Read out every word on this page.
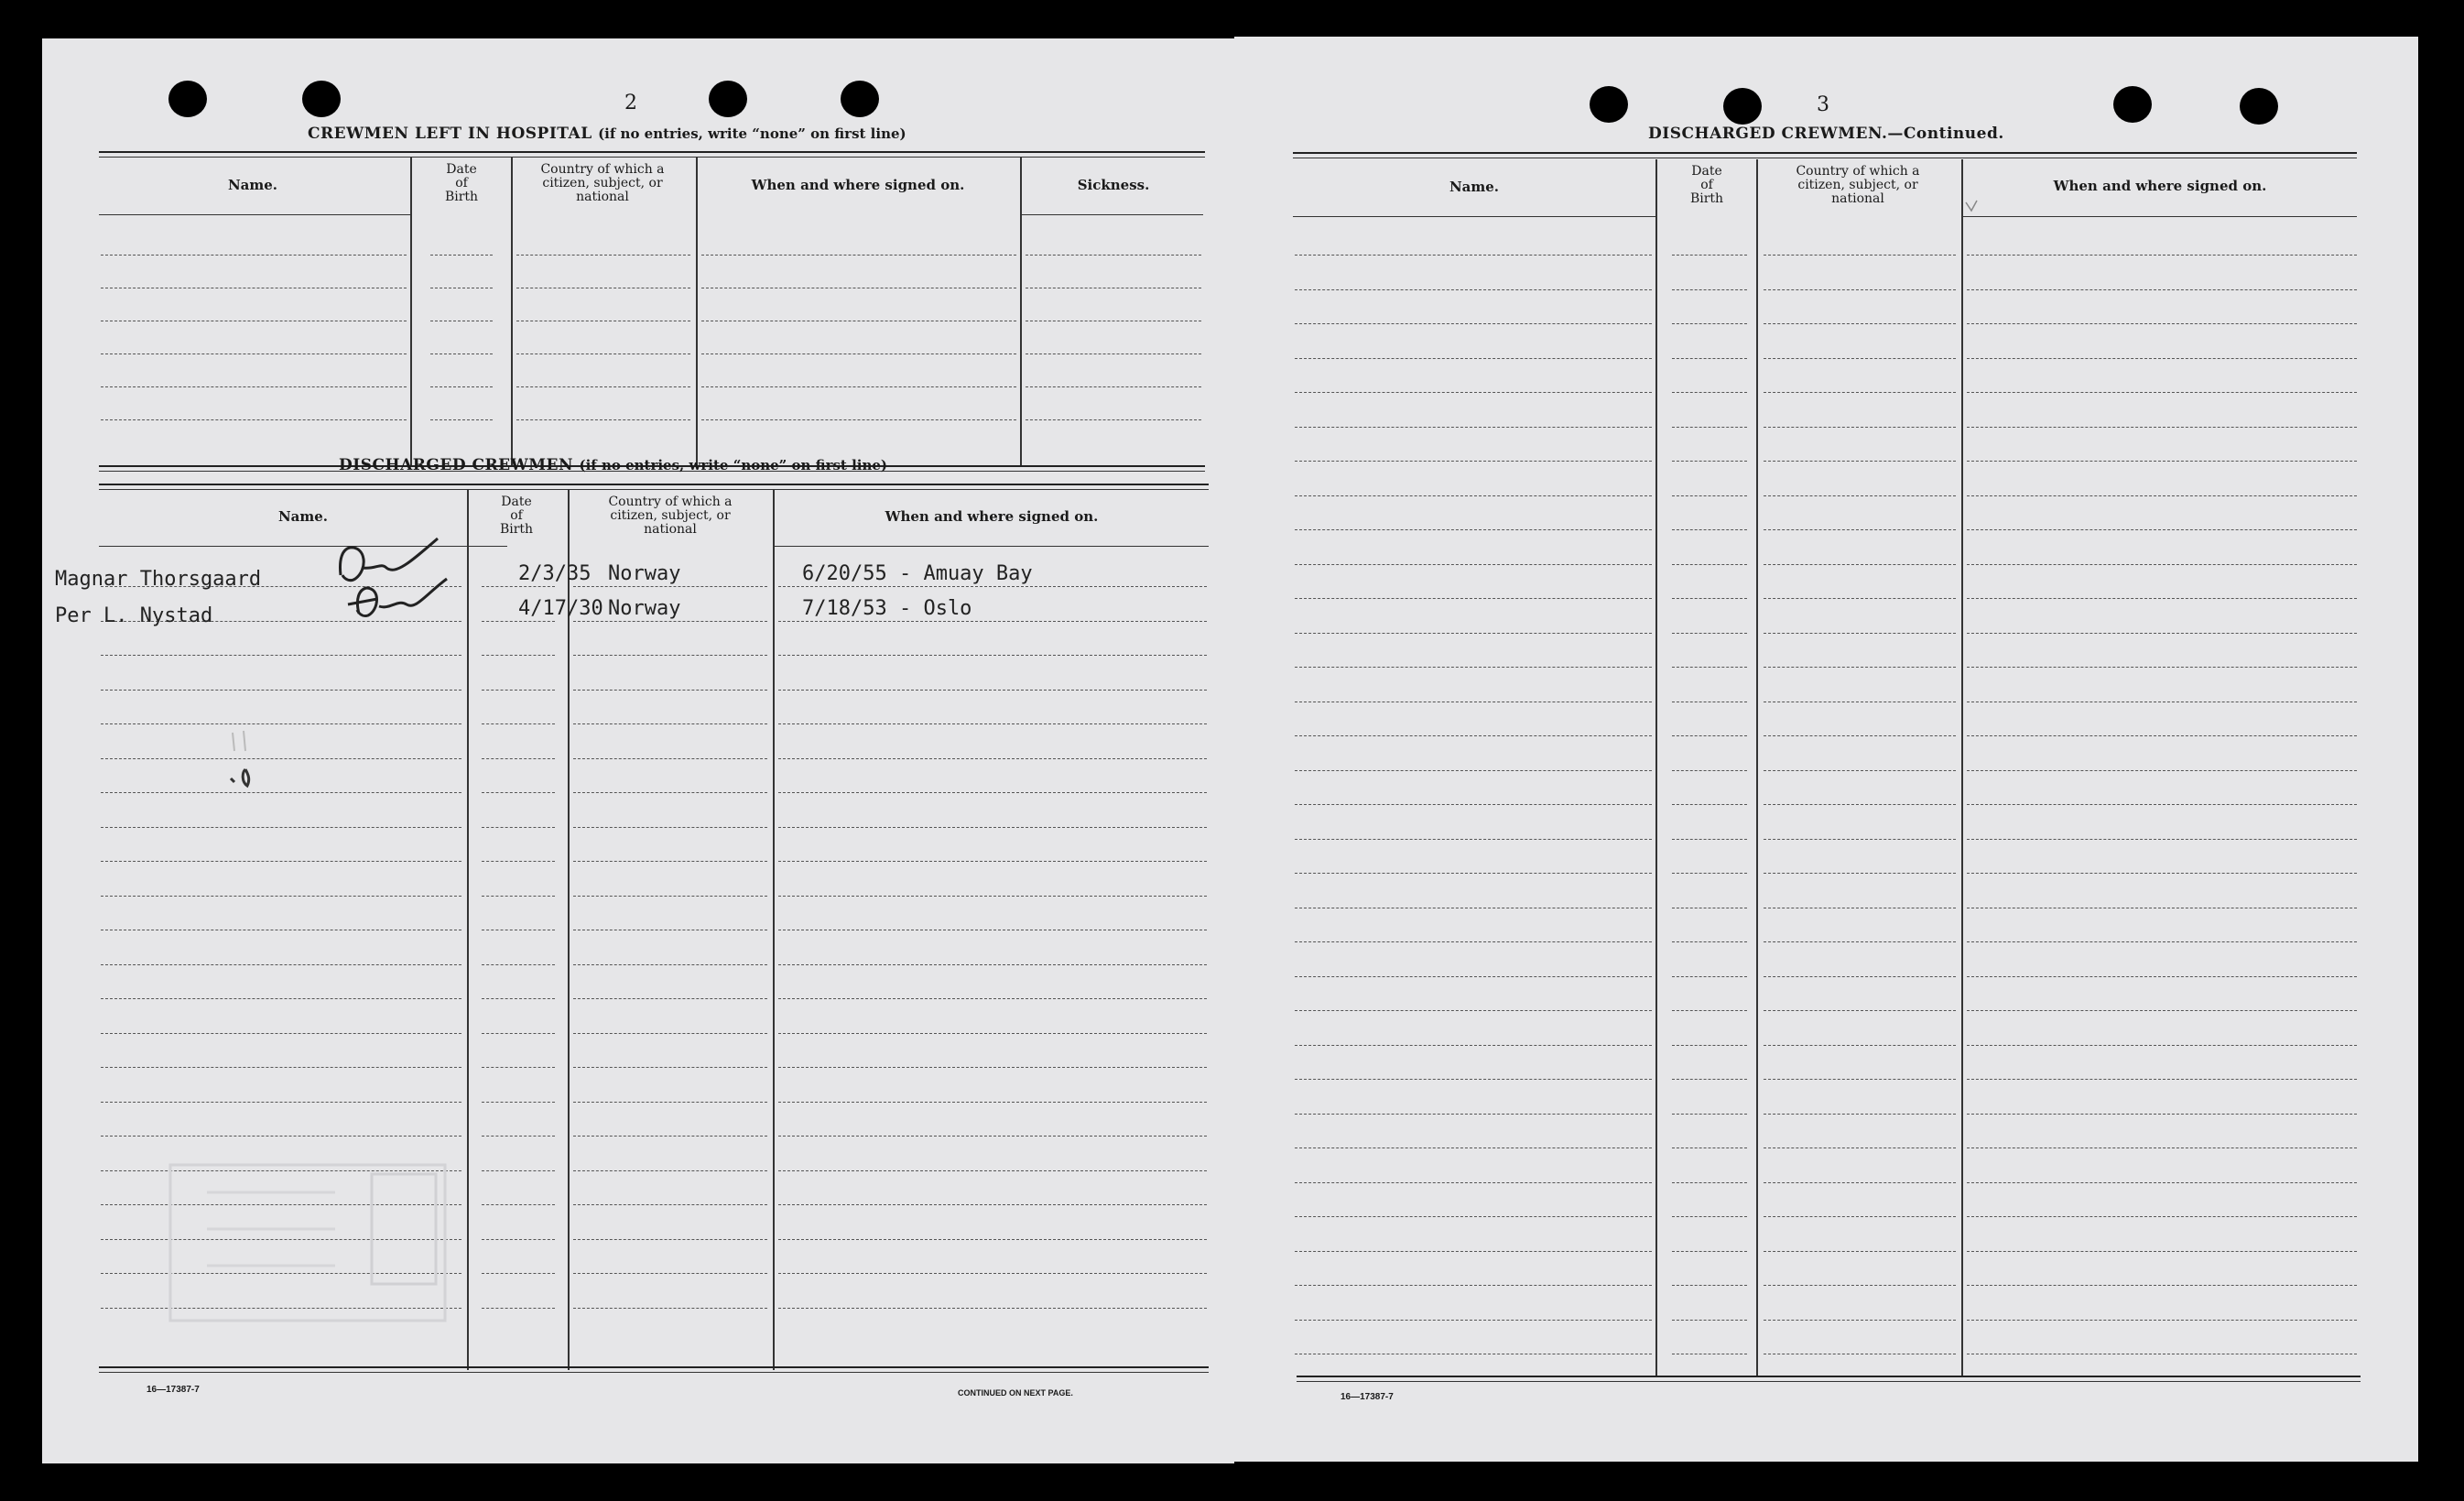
2
CREWMEN LEFT IN HOSPITAL (if no entries, write “none” on first line)
Name.
Date
of
Birth
Country of which a
citizen, subject, or
national
When and where signed on.	Sickness.
DISCHARGED CREWMEN (if no entries, write “none” on first line)
Name.
Date
of
Birth
Country of which a
citizen, subject, or
national
When and where signed on.
Magnar Thorsgaard	2/3/35 Norway	6/20/55 - Amuay Bay
Per L. Nystad	4/17/30 Norway	7/18/53 - Oslo
16—17387-7	CONTINUED ON NEXT PAGE.
3
DISCHARGED CREWMEN.—Continued.
Name.
Date
of
Birth
Country of which a
citizen, subject, or
national
When and where signed on.
16—17387-7
